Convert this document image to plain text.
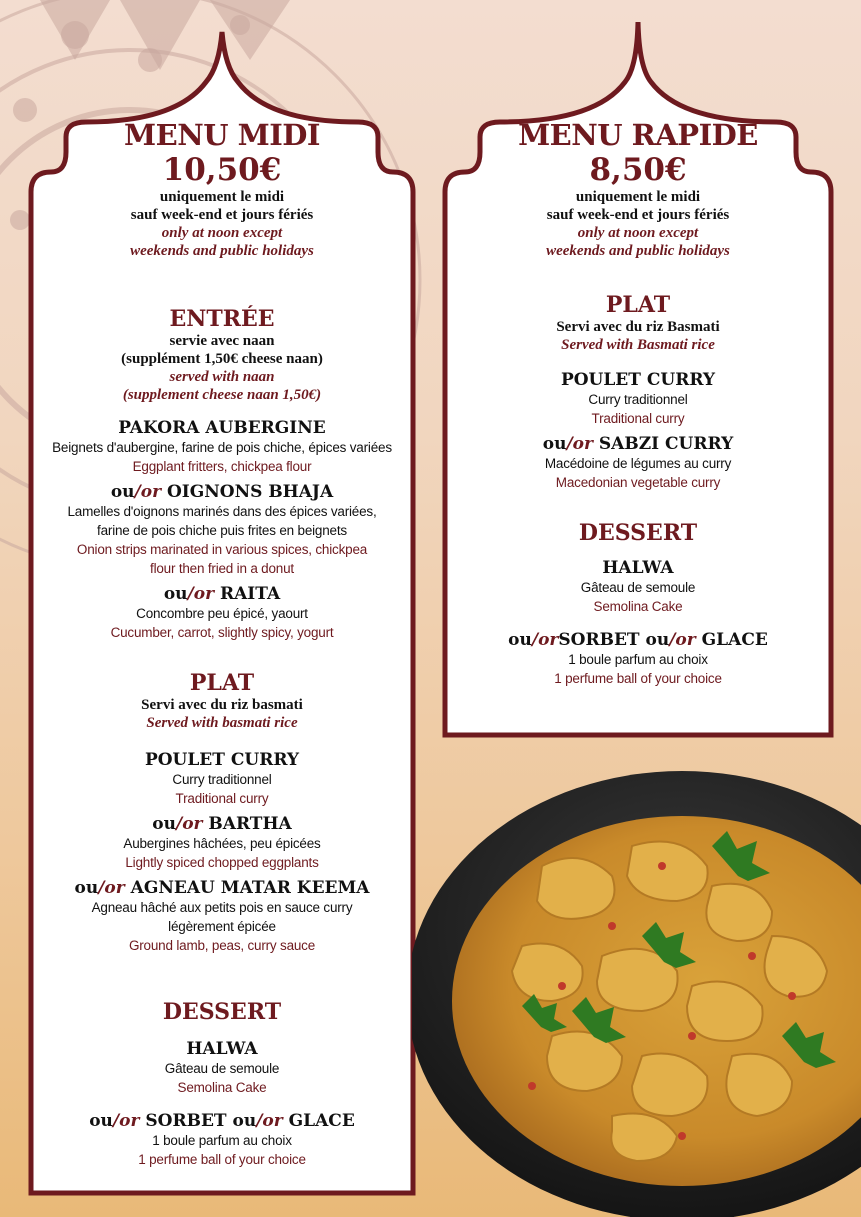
MENU MIDI
10,50€
uniquement le midi
sauf week-end et jours fériés
only at noon except
weekends and public holidays
ENTRÉE
servie avec naan
(supplément 1,50€ cheese naan)
served with naan
(supplement cheese naan 1,50€)
PAKORA AUBERGINE
Beignets d'aubergine, farine de pois chiche, épices variées
Eggplant fritters, chickpea flour
ou/or OIGNONS BHAJA
Lamelles d'oignons marinés dans des épices variées,
farine de pois chiche puis frites en beignets
Onion strips marinated in various spices, chickpea
flour then fried in a donut
ou/or RAITA
Concombre peu épicé, yaourt
Cucumber, carrot, slightly spicy, yogurt
PLAT
Servi avec du riz basmati
Served with basmati rice
POULET CURRY
Curry traditionnel
Traditional curry
ou/or BARTHA
Aubergines hâchées, peu épicées
Lightly spiced chopped eggplants
ou/or AGNEAU MATAR KEEMA
Agneau hâché aux petits pois en sauce curry
légèrement épicée
Ground lamb, peas, curry sauce
DESSERT
HALWA
Gâteau de semoule
Semolina Cake
ou/or SORBET ou/or GLACE
1 boule parfum au choix
1 perfume ball of your choice
MENU RAPIDE
8,50€
uniquement le midi
sauf week-end et jours fériés
only at noon except
weekends and public holidays
PLAT
Servi avec du riz Basmati
Served with Basmati rice
POULET CURRY
Curry traditionnel
Traditional curry
ou/or SABZI CURRY
Macédoine de légumes au curry
Macedonian vegetable curry
DESSERT
HALWA
Gâteau de semoule
Semolina Cake
ou/orSORBET ou/or GLACE
1 boule parfum au choix
1 perfume ball of your choice
